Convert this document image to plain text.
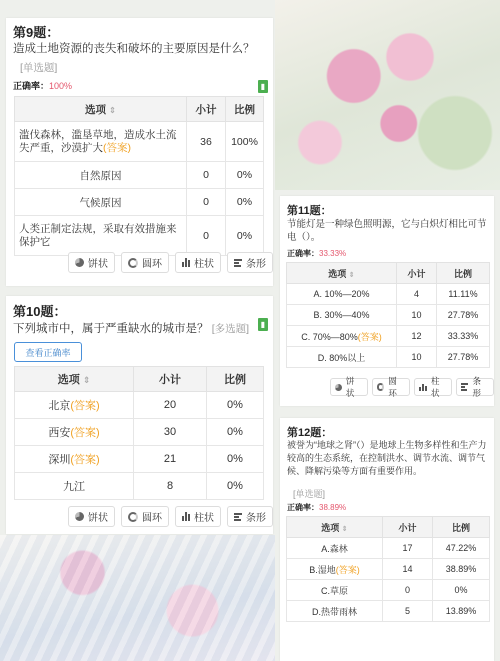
第9题：
造成土地资源的丧失和破坏的主要原因是什么？
[单选题]
正确率：100%
选项 ⇕	小计	比例
滥伐森林，滥垦草地，造成水土流失严重，沙漠扩大(答案)	36	100%
自然原因	0	0%
气候原因	0	0%
人类正制定法规，采取有效措施来保护它	0	0%
饼状	圆环	柱状	条形
▮
第10题：
下列城市中，属于严重缺水的城市是？ [多选题]
查看正确率
选项 ⇕	小计	比例
北京(答案)	20	0%
西安(答案)	30	0%
深圳(答案)	21	0%
九江	8	0%
饼状	圆环	柱状	条形
▮
第11题：
节能灯是一种绿色照明源，它与白炽灯相比可节电（）。
正确率：33.33%
选项 ⇕	小计	比例
A. 10%—20%	4	11.11%
B. 30%—40%	10	27.78%
C. 70%—80%(答案)	12	33.33%
D. 80%以上	10	27.78%
饼状
圆环
柱状
条形
第12题：
被誉为“地球之肾”（）是地球上生物多样性和生产力较高的生态系统，在控制洪水、调节水流、调节气候、降解污染等方面有重要作用。
[单选题]
正确率：38.89%
选项 ⇕	小计	比例
A.森林	17	47.22%
B.湿地(答案)	14	38.89%
C.草原	0	0%
D.热带雨林	5	13.89%
